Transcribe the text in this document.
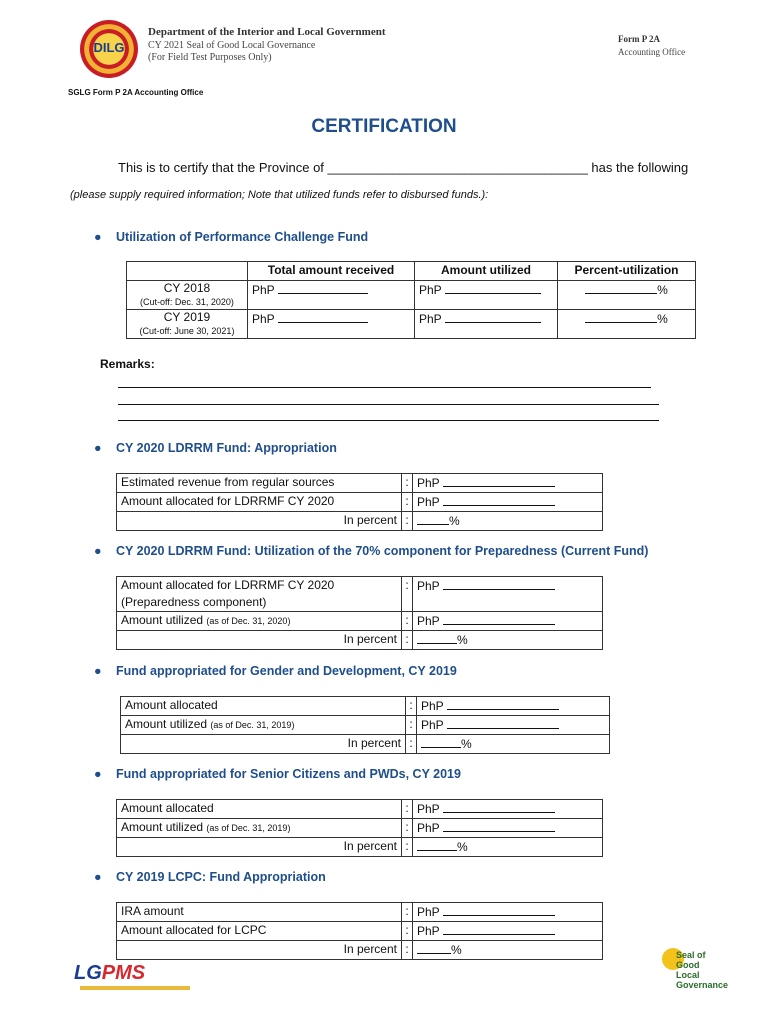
DILG
Department of the Interior and Local Government
CY 2021 Seal of Good Local Governance
(For Field Test Purposes Only)
Form P 2A
Accounting Office
SGLG Form P 2A Accounting Office
CERTIFICATION
This is to certify that the Province of ____________________________________ has the following
(please supply required information; Note that utilized funds refer to disbursed funds.):
● Utilization of Performance Challenge Fund
	Total amount received	Amount utilized	Percent-utilization

CY 2018
(Cut-off: Dec. 31, 2020)	PhP	PhP	%

CY 2019
(Cut-off: June 30, 2021)	PhP	PhP	%
Remarks:
● CY 2020 LDRRM Fund: Appropriation
Estimated revenue from regular sources	:	PhP
Amount allocated for LDRRMF CY 2020	:	PhP
In percent	:	%
● CY 2020 LDRRM Fund: Utilization of the 70% component for Preparedness (Current Fund)
Amount allocated for LDRRMF CY 2020
(Preparedness component)	:	PhP
Amount utilized (as of Dec. 31, 2020)	:	PhP
In percent	:	%
● Fund appropriated for Gender and Development, CY 2019
Amount allocated	:	PhP
Amount utilized (as of Dec. 31, 2019)	:	PhP
In percent	:	%
● Fund appropriated for Senior Citizens and PWDs, CY 2019
Amount allocated	:	PhP
Amount utilized (as of Dec. 31, 2019)	:	PhP
In percent	:	%
● CY 2019 LCPC: Fund Appropriation
IRA amount	:	PhP
Amount allocated for LCPC	:	PhP
In percent	:	%
LGPMS
Seal of
Good
Local
Governance
